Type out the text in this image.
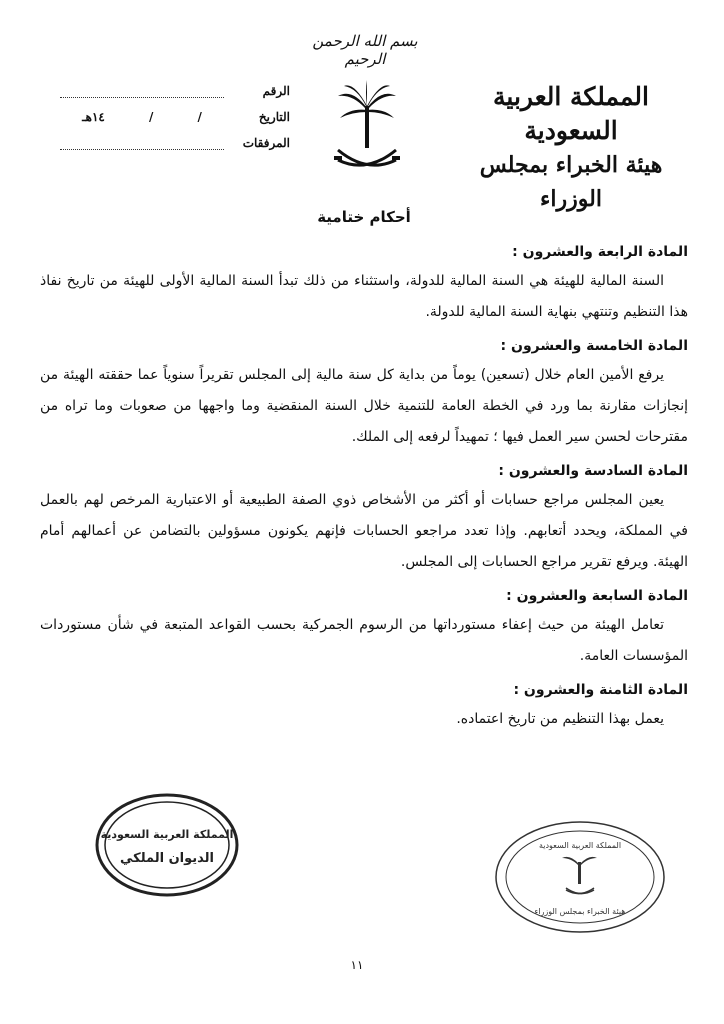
بسم الله الرحمن الرحيم
المملكة العربية السعودية
هيئة الخبراء بمجلس الوزراء
الرقم
التاريخ
/
/
١٤هـ
المرفقات
أحكام ختامية
المادة الرابعة والعشرون :
السنة المالية للهيئة هي السنة المالية للدولة، واستثناء من ذلك تبدأ السنة المالية الأولى للهيئة من تاريخ نفاذ هذا التنظيم وتنتهي بنهاية السنة المالية للدولة.
المادة الخامسة والعشرون :
يرفع الأمين العام خلال (تسعين) يوماً من بداية كل سنة مالية إلى المجلس تقريراً سنوياً عما حققته الهيئة من إنجازات مقارنة بما ورد في الخطة العامة للتنمية خلال السنة المنقضية وما واجهها من صعوبات وما تراه من مقترحات لحسن سير العمل فيها ؛ تمهيداً لرفعه إلى الملك.
المادة السادسة والعشرون :
يعين المجلس مراجع حسابات أو أكثر من الأشخاص ذوي الصفة الطبيعية أو الاعتبارية المرخص لهم بالعمل في المملكة، ويحدد أتعابهم. وإذا تعدد مراجعو الحسابات فإنهم يكونون مسؤولين بالتضامن عن أعمالهم أمام الهيئة. ويرفع تقرير مراجع الحسابات إلى المجلس.
المادة السابعة والعشرون :
تعامل الهيئة من حيث إعفاء مستورداتها من الرسوم الجمركية بحسب القواعد المتبعة في شأن مستوردات المؤسسات العامة.
المادة الثامنة والعشرون :
يعمل بهذا التنظيم من تاريخ اعتماده.
المملكة العربية السعودية
الديوان الملكي
المملكة العربية السعودية
هيئة الخبراء بمجلس الوزراء
١١
